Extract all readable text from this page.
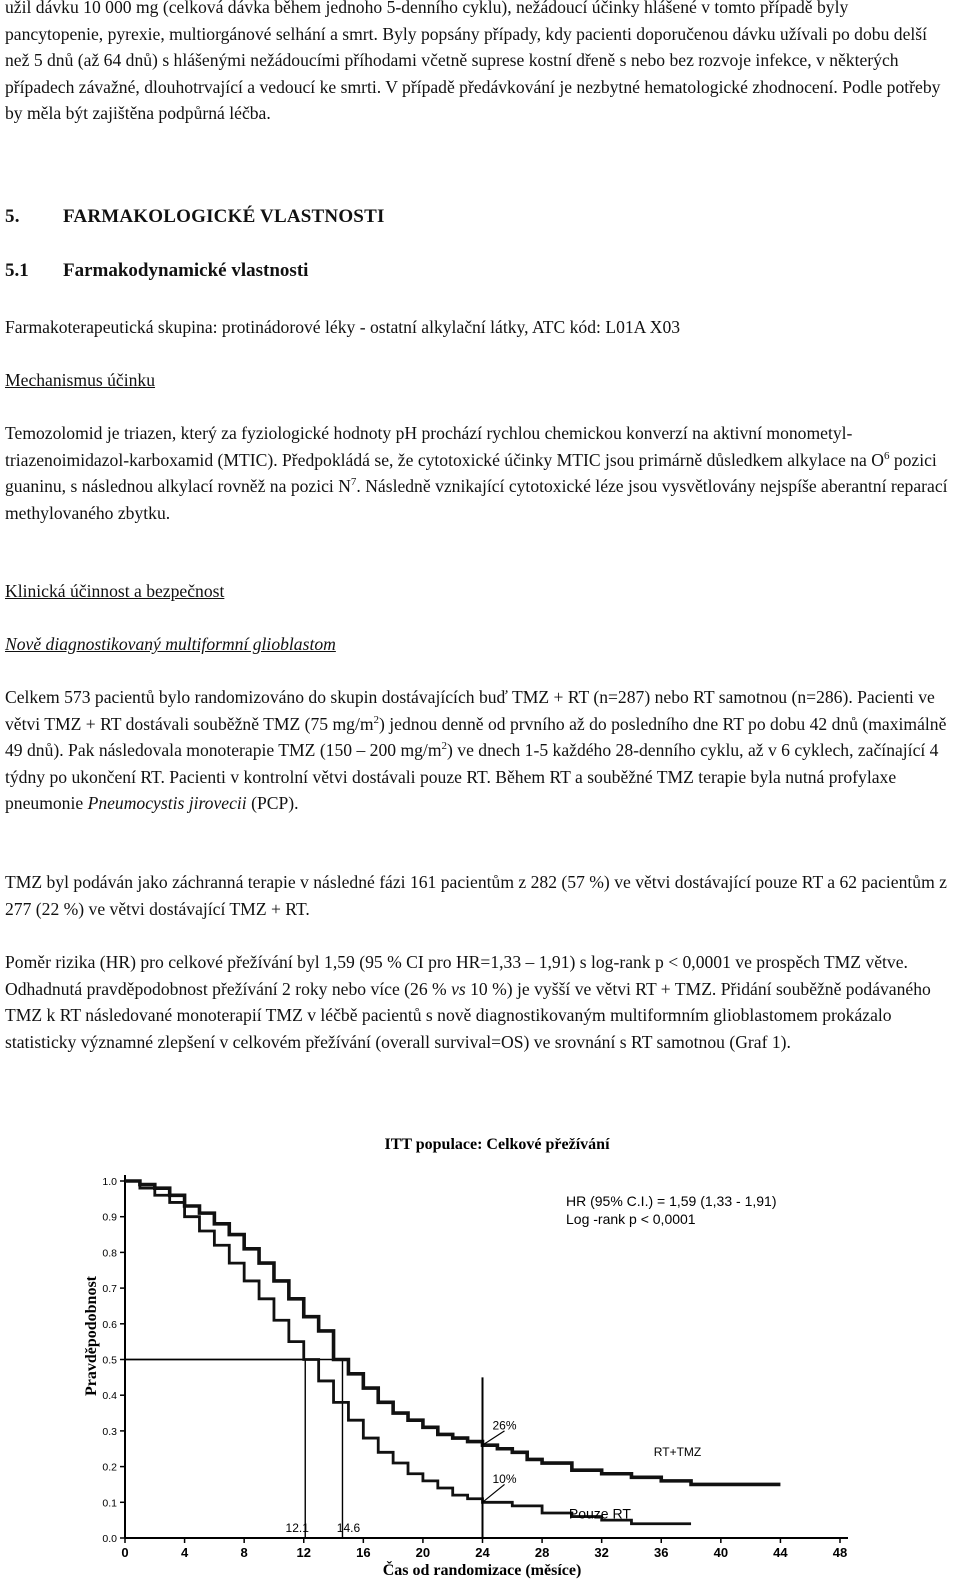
užil dávku 10 000 mg (celková dávka během jednoho 5-denního cyklu), nežádoucí účinky hlášené v tomto případě byly pancytopenie, pyrexie, multiorgánové selhání a smrt. Byly popsány případy, kdy pacienti doporučenou dávku užívali po dobu delší než 5 dnů (až 64 dnů) s hlášenými nežádoucími příhodami včetně suprese kostní dřeně s nebo bez rozvoje infekce, v některých případech závažné, dlouhotrvající a vedoucí ke smrti. V případě předávkování je nezbytné hematologické zhodnocení. Podle potřeby by měla být zajištěna podpůrná léčba.

5. FARMAKOLOGICKÉ VLASTNOSTI
5.1 Farmakodynamické vlastnosti

Farmakoterapeutická skupina: protinádorové léky - ostatní alkylační látky, ATC kód: L01A X03

Mechanismus účinku

Temozolomid je triazen, který za fyziologické hodnoty pH prochází rychlou chemickou konverzí na aktivní monometyl-triazenoimidazol-karboxamid (MTIC). Předpokládá se, že cytotoxické účinky MTIC jsou primárně důsledkem alkylace na $O^6$ pozici guaninu, s následnou alkylací rovněž na pozici $N^7$. Následně vznikající cytotoxické léze jsou vysvětlovány nejspíše aberantní reparací methylovaného zbytku.

Klinická účinnost a bezpečnost

Nově diagnostikovaný multiformní glioblastom

Celkem 573 pacientů bylo randomizováno do skupin dostávajících buď TMZ + RT (n=287) nebo RT samotnou (n=286). Pacienti ve větvi TMZ + RT dostávali souběžně TMZ (75 $mg/m^2$) jednou denně od prvního až do posledního dne RT po dobu 42 dnů (maximálně 49 dnů). Pak následovala monoterapie TMZ (150 – 200 $mg/m^2$) ve dnech 1-5 každého 28-denního cyklu, až v 6 cyklech, začínající 4 týdny po ukončení RT. Pacienti v kontrolní větvi dostávali pouze RT. Během RT a souběžné TMZ terapie byla nutná profylaxe pneumonie Pneumocystis jirovecii (PCP).

TMZ byl podáván jako záchranná terapie v následné fázi 161 pacientům z 282 (57 %) ve větvi dostávající pouze RT a 62 pacientům z 277 (22 %) ve větvi dostávající TMZ + RT.

Poměr rizika (HR) pro celkové přežívání byl 1,59 (95 % CI pro HR=1,33 – 1,91) s log-rank p < 0,0001 ve prospěch TMZ větve. Odhadnutá pravděpodobnost přežívání 2 roky nebo více (26 % vs 10 %) je vyšší ve větvi RT + TMZ. Přidání souběžně podávaného TMZ k RT následované monoterapií TMZ v léčbě pacientů s nově diagnostikovaným multiformním glioblastomem prokázalo statisticky významné zlepšení v celkovém přežívání (overall survival=OS) ve srovnání s RT samotnou (Graf 1).

ITT populace: Celkové přežívání
Pravděpodobnost
Čas od randomizace (měsíce)
HR (95% C.I.) = 1,59 (1,33 - 1,91)
Log -rank p < 0,0001
0.0
0.1
0.2
0.3
0.4
0.5
0.6
0.7
0.8
0.9
1.0
0	4	8	12	16	20	24	28	32	36	40	44	48
12.1 14.6
26%
10%
RT+TMZ
Pouze RT
